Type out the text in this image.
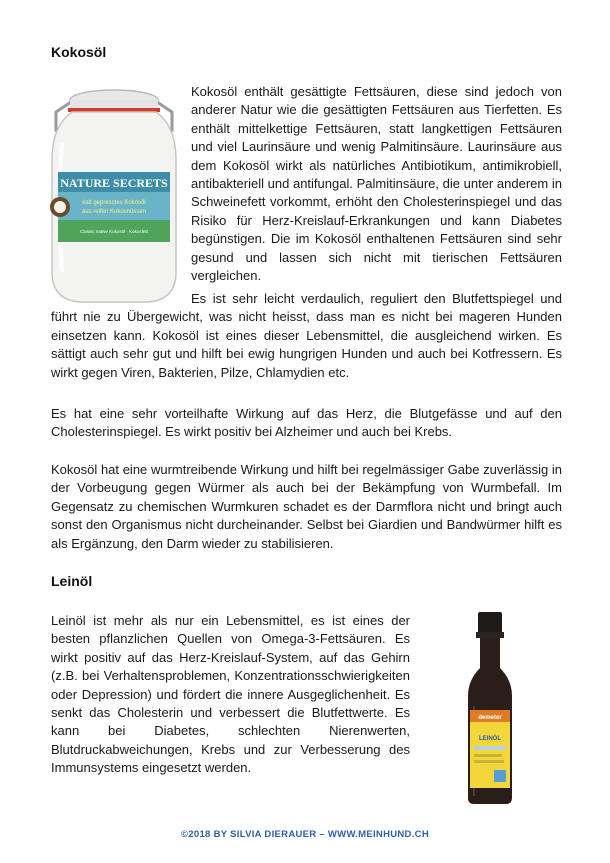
Kokosöl
NATURE SECRETS
kalt gepresstes Kokosöl
aus reifen Kokosnüssen
Classic native Kokosöl · Kokosfett

Kokosöl enthält gesättigte Fettsäuren, diese sind jedoch von anderer Natur wie die gesättigten Fettsäuren aus Tierfetten. Es enthält mittelkettige Fettsäuren, statt langkettigen Fettsäuren und viel Laurinsäure und wenig Palmitinsäure. Laurinsäure aus dem Kokosöl wirkt als natürliches Antibiotikum, antimikrobiell, antibakteriell und antifungal. Palmitinsäure, die unter anderem in Schweinefett vorkommt, erhöht den Cholesterinspiegel und das Risiko für Herz-Kreislauf-Erkrankungen und kann Diabetes begünstigen. Die im Kokosöl enthaltenen Fettsäuren sind sehr gesund und lassen sich nicht mit tierischen Fettsäuren vergleichen.

Es ist sehr leicht verdaulich, reguliert den Blutfettspiegel und führt nie zu Übergewicht, was nicht heisst, dass man es nicht bei mageren Hunden einsetzen kann. Kokosöl ist eines dieser Lebensmittel, die ausgleichend wirken. Es sättigt auch sehr gut und hilft bei ewig hungrigen Hunden und auch bei Kotfressern. Es wirkt gegen Viren, Bakterien, Pilze, Chlamydien etc.

Es hat eine sehr vorteilhafte Wirkung auf das Herz, die Blutgefässe und auf den Cholesterinspiegel. Es wirkt positiv bei Alzheimer und auch bei Krebs.

Kokosöl hat eine wurmtreibende Wirkung und hilft bei regelmässiger Gabe zuverlässig in der Vorbeugung gegen Würmer als auch bei der Bekämpfung von Wurmbefall. Im Gegensatz zu chemischen Wurmkuren schadet es der Darmflora nicht und bringt auch sonst den Organismus nicht durcheinander. Selbst bei Giardien und Bandwürmer hilft es als Ergänzung, den Darm wieder zu stabilisieren.

Leinöl

Leinöl ist mehr als nur ein Lebensmittel, es ist eines der besten pflanzlichen Quellen von Omega-3-Fettsäuren. Es wirkt positiv auf das Herz-Kreislauf-System, auf das Gehirn (z.B. bei Verhaltensproblemen, Konzentrationsschwierigkeiten oder Depression) und fördert die innere Ausgeglichenheit. Es senkt das Cholesterin und verbessert die Blutfettwerte. Es kann bei Diabetes, schlechten Nierenwerten, Blutdruckabweichungen, Krebs und zur Verbesserung des Immunsystems eingesetzt werden.

demeter
LEINÖL
©2018 BY SILVIA DIERAUER – WWW.MEINHUND.CH
